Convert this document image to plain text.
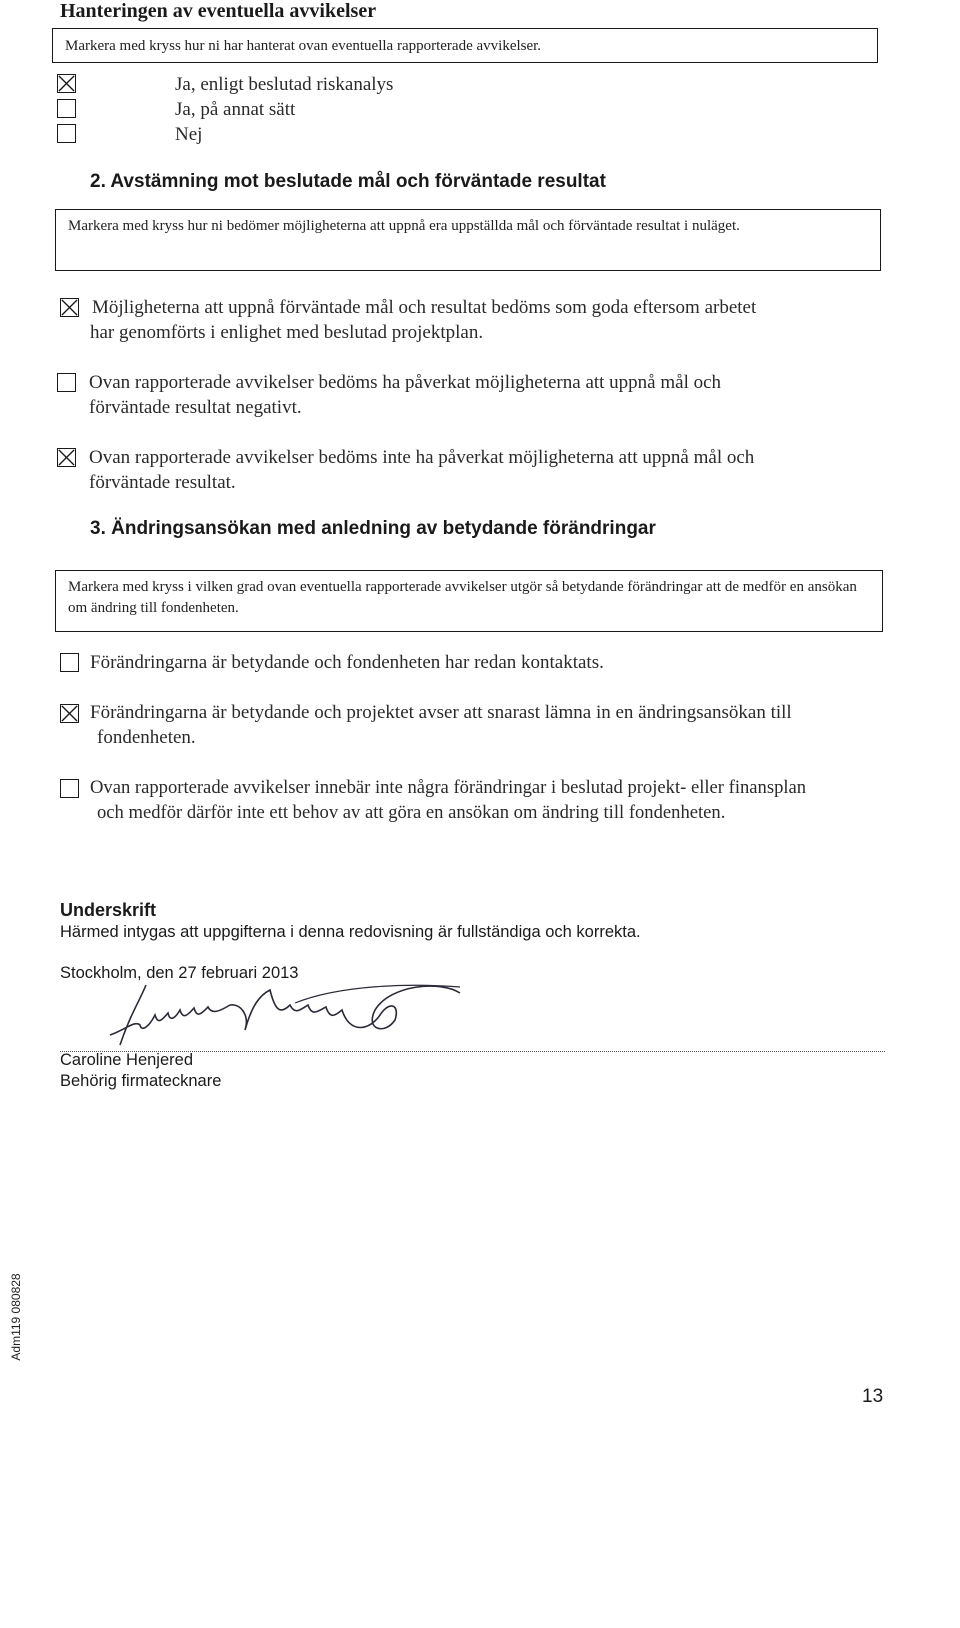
Hanteringen av eventuella avvikelser
Markera med kryss hur ni har hanterat ovan eventuella rapporterade avvikelser.
Ja, enligt beslutad riskanalys
Ja, på annat sätt
Nej
2. Avstämning mot beslutade mål och förväntade resultat
Markera med kryss hur ni bedömer möjligheterna att uppnå era uppställda mål och förväntade resultat i nuläget.
Möjligheterna att uppnå förväntade mål och resultat bedöms som goda eftersom arbetet
har genomförts i enlighet med beslutad projektplan.
Ovan rapporterade avvikelser bedöms ha påverkat möjligheterna att uppnå mål och
förväntade resultat negativt.
Ovan rapporterade avvikelser bedöms inte ha påverkat möjligheterna att uppnå mål och
förväntade resultat.
3. Ändringsansökan med anledning av betydande förändringar
Markera med kryss i vilken grad ovan eventuella rapporterade avvikelser utgör så betydande förändringar att de medför en ansökan om ändring till fondenheten.
Förändringarna är betydande och fondenheten har redan kontaktats.
Förändringarna är betydande och projektet avser att snarast lämna in en ändringsansökan till
fondenheten.
Ovan rapporterade avvikelser innebär inte några förändringar i beslutad projekt- eller finansplan
och medför därför inte ett behov av att göra en ansökan om ändring till fondenheten.
Underskrift
Härmed intygas att uppgifterna i denna redovisning är fullständiga och korrekta.
Stockholm, den 27 februari 2013
Caroline Henjered
Behörig firmatecknare
Adm119 080828
13
